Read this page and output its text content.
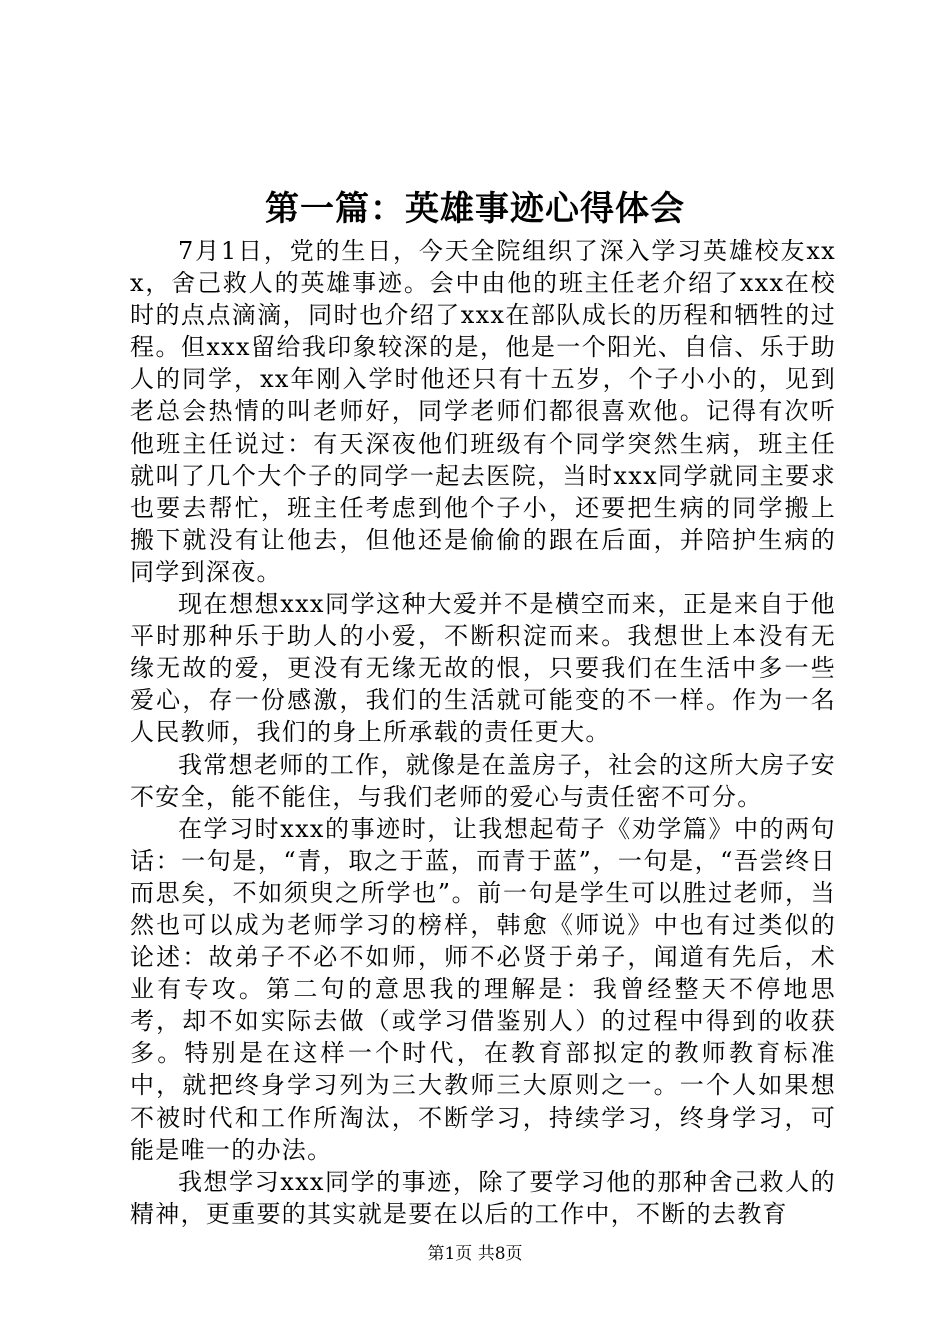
第一篇：英雄事迹心得体会

7月1日，党的生日，今天全院组织了深入学习英雄校友xxx，舍己救人的英雄事迹。会中由他的班主任老介绍了xxx在校时的点点滴滴，同时也介绍了xxx在部队成长的历程和牺牲的过程。但xxx留给我印象较深的是，他是一个阳光、自信、乐于助人的同学，xx年刚入学时他还只有十五岁，个子小小的，见到老总会热情的叫老师好，同学老师们都很喜欢他。记得有次听他班主任说过：有天深夜他们班级有个同学突然生病，班主任就叫了几个大个子的同学一起去医院，当时xxx同学就同主要求也要去帮忙，班主任考虑到他个子小，还要把生病的同学搬上搬下就没有让他去，但他还是偷偷的跟在后面，并陪护生病的同学到深夜。

现在想想xxx同学这种大爱并不是横空而来，正是来自于他平时那种乐于助人的小爱，不断积淀而来。我想世上本没有无缘无故的爱，更没有无缘无故的恨，只要我们在生活中多一些爱心，存一份感激，我们的生活就可能变的不一样。作为一名人民教师，我们的身上所承载的责任更大。

我常想老师的工作，就像是在盖房子，社会的这所大房子安不安全，能不能住，与我们老师的爱心与责任密不可分。

在学习时xxx的事迹时，让我想起荀子《劝学篇》中的两句话：一句是，“青，取之于蓝，而青于蓝”，一句是，“吾尝终日而思矣，不如须臾之所学也”。前一句是学生可以胜过老师，当然也可以成为老师学习的榜样，韩愈《师说》中也有过类似的论述：故弟子不必不如师，师不必贤于弟子，闻道有先后，术业有专攻。第二句的意思我的理解是：我曾经整天不停地思考，却不如实际去做（或学习借鉴别人）的过程中得到的收获多。特别是在这样一个时代，在教育部拟定的教师教育标准中，就把终身学习列为三大教师三大原则之一。一个人如果想不被时代和工作所淘汰，不断学习，持续学习，终身学习，可能是唯一的办法。

我想学习xxx同学的事迹，除了要学习他的那种舍己救人的精神，更重要的其实就是要在以后的工作中，不断的去教育

第1页 共8页
